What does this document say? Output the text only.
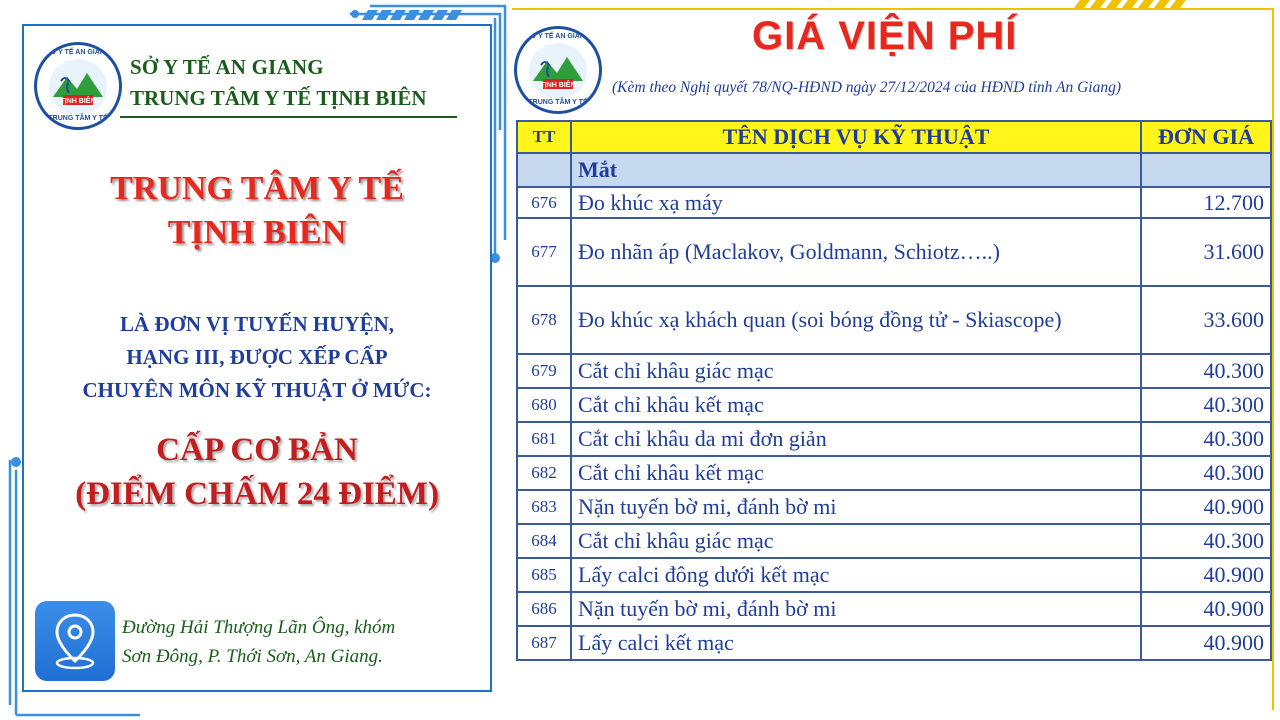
SỞ Y TẾ AN GIANG
TỊNH BIÊN
TRUNG TÂM Y TẾ
SỞ Y TẾ AN GIANG
TRUNG TÂM Y TẾ TỊNH BIÊN
TRUNG TÂM Y TẾ
TỊNH BIÊN
LÀ ĐƠN VỊ TUYẾN HUYỆN,
HẠNG III, ĐƯỢC XẾP CẤP
CHUYÊN MÔN KỸ THUẬT Ở MỨC:
CẤP CƠ BẢN
(ĐIỂM CHẤM 24 ĐIỂM)
Đường Hải Thượng Lãn Ông, khóm
Sơn Đông, P. Thới Sơn, An Giang.
SỞ Y TẾ AN GIANG
TỊNH BIÊN
TRUNG TÂM Y TẾ
GIÁ VIỆN PHÍ
(Kèm theo Nghị quyết 78/NQ-HĐND ngày 27/12/2024 của HĐND tỉnh An Giang)
TT	TÊN DỊCH VỤ KỸ THUẬT	ĐƠN GIÁ
	Mắt	
676	Đo khúc xạ máy	12.700
677	Đo nhãn áp (Maclakov, Goldmann, Schiotz…..)	31.600
678	Đo khúc xạ khách quan (soi bóng đồng tử - Skiascope)	33.600
679	Cắt chỉ khâu giác mạc	40.300
680	Cắt chỉ khâu kết mạc	40.300
681	Cắt chỉ khâu da mi đơn giản	40.300
682	Cắt chỉ khâu kết mạc	40.300
683	Nặn tuyến bờ mi, đánh bờ mi	40.900
684	Cắt chỉ khâu giác mạc	40.300
685	Lấy calci đông dưới kết mạc	40.900
686	Nặn tuyến bờ mi, đánh bờ mi	40.900
687	Lấy calci kết mạc	40.900
